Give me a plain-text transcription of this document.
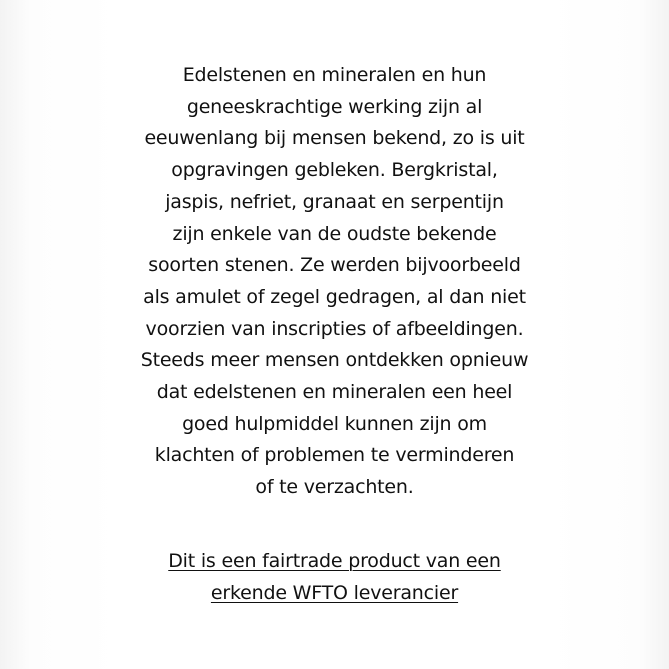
Edelstenen en mineralen en hun
geneeskrachtige werking zijn al
eeuwenlang bij mensen bekend, zo is uit
opgravingen gebleken. Bergkristal,
jaspis, nefriet, granaat en serpentijn
zijn enkele van de oudste bekende
soorten stenen. Ze werden bijvoorbeeld
als amulet of zegel gedragen, al dan niet
voorzien van inscripties of afbeeldingen.
Steeds meer mensen ontdekken opnieuw
dat edelstenen en mineralen een heel
goed hulpmiddel kunnen zijn om
klachten of problemen te verminderen
of te verzachten.
Dit is een fairtrade product van een
erkende WFTO leverancier
